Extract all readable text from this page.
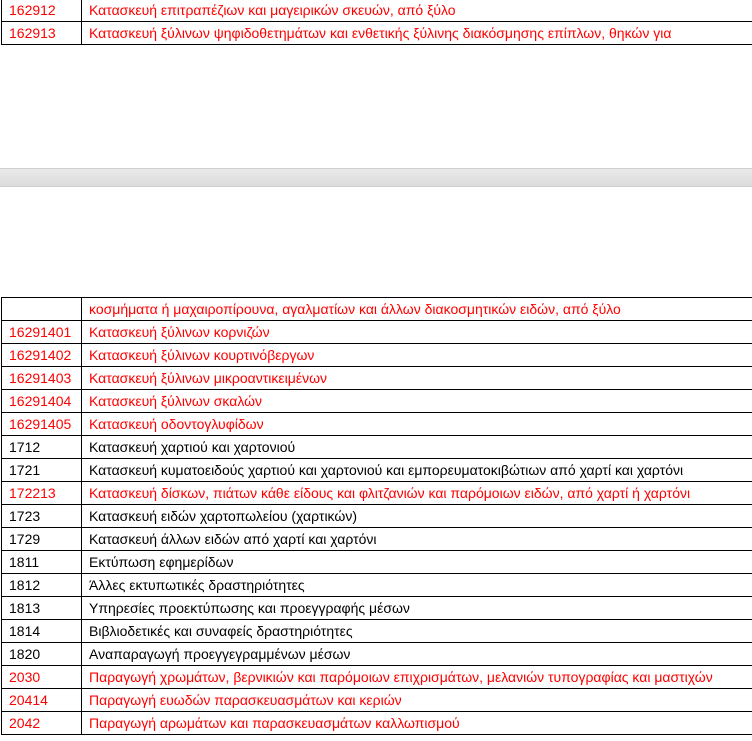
162912	Κατασκευή επιτραπέζιων και μαγειρικών σκευών, από ξύλο
162913	Κατασκευή ξύλινων ψηφιδοθετημάτων και ενθετικής ξύλινης διακόσμησης επίπλων, θηκών για
	κοσμήματα ή μαχαιροπίρουνα, αγαλματίων και άλλων διακοσμητικών ειδών, από ξύλο
16291401	Κατασκευή ξύλινων κορνιζών
16291402	Κατασκευή ξύλινων κουρτινόβεργων
16291403	Κατασκευή ξύλινων μικροαντικειμένων
16291404	Κατασκευή ξύλινων σκαλών
16291405	Κατασκευή οδοντογλυφίδων
1712	Κατασκευή χαρτιού και χαρτονιού
1721	Κατασκευή κυματοειδούς χαρτιού και χαρτονιού και εμπορευματοκιβώτιων από χαρτί και χαρτόνι
172213	Κατασκευή δίσκων, πιάτων κάθε είδους και φλιτζανιών και παρόμοιων ειδών, από χαρτί ή χαρτόνι
1723	Κατασκευή ειδών χαρτοπωλείου (χαρτικών)
1729	Κατασκευή άλλων ειδών από χαρτί και χαρτόνι
1811	Εκτύπωση εφημερίδων
1812	Άλλες εκτυπωτικές δραστηριότητες
1813	Υπηρεσίες προεκτύπωσης και προεγγραφής μέσων
1814	Βιβλιοδετικές και συναφείς δραστηριότητες
1820	Αναπαραγωγή προεγγεγραμμένων μέσων
2030	Παραγωγή χρωμάτων, βερνικιών και παρόμοιων επιχρισμάτων, μελανιών τυπογραφίας και μαστιχών
20414	Παραγωγή ευωδών παρασκευασμάτων και κεριών
2042	Παραγωγή αρωμάτων και παρασκευασμάτων καλλωπισμού
